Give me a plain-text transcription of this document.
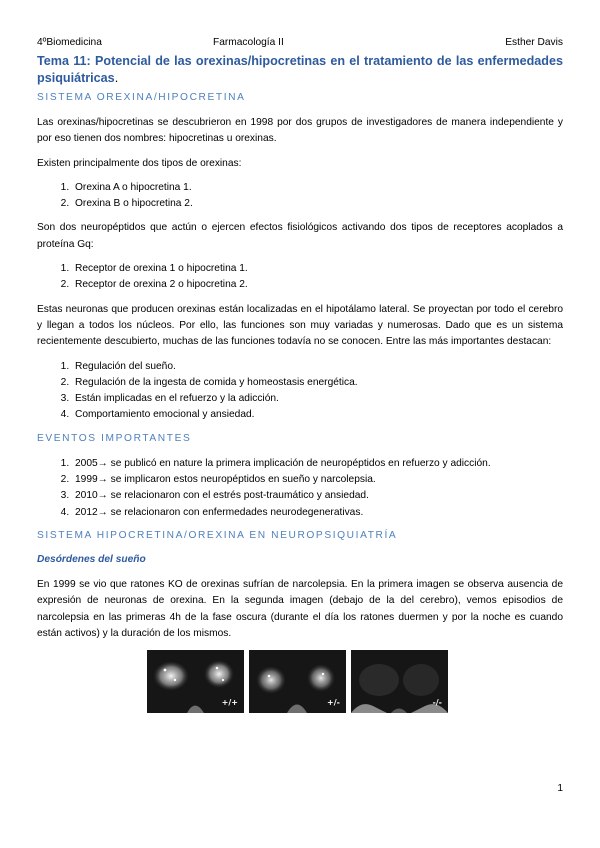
4ºBiomedicina	Farmacología II	Esther Davis
Tema 11: Potencial de las orexinas/hipocretinas en el tratamiento de las enfermedades psiquiátricas.
SISTEMA OREXINA/HIPOCRETINA

Las orexinas/hipocretinas se descubrieron en 1998 por dos grupos de investigadores de manera independiente y por eso tienen dos nombres: hipocretinas u orexinas.

Existen principalmente dos tipos de orexinas:

1. Orexina A o hipocretina 1.
2. Orexina B o hipocretina 2.

Son dos neuropéptidos que actún o ejercen efectos fisiológicos activando dos tipos de receptores acoplados a proteína Gq:

1. Receptor de orexina 1 o hipocretina 1.
2. Receptor de orexina 2 o hipocretina 2.

Estas neuronas que producen orexinas están localizadas en el hipotálamo lateral. Se proyectan por todo el cerebro y llegan a todos los núcleos. Por ello, las funciones son muy variadas y numerosas. Dado que es un sistema recientemente descubierto, muchas de las funciones todavía no se conocen. Entre las más importantes destacan:

1. Regulación del sueño.
2. Regulación de la ingesta de comida y homeostasis energética.
3. Están implicadas en el refuerzo y la adicción.
4. Comportamiento emocional y ansiedad.
EVENTOS IMPORTANTES
1. 2005→ se publicó en nature la primera implicación de neuropéptidos en refuerzo y adicción.
2. 1999→ se implicaron estos neuropéptidos en sueño y narcolepsia.
3. 2010→ se relacionaron con el estrés post-traumático y ansiedad.
4. 2012→ se relacionaron con enfermedades neurodegenerativas.
SISTEMA HIPOCRETINA/OREXINA EN NEUROPSIQUIATRÍA
Desórdenes del sueño

En 1999 se vio que ratones KO de orexinas sufrían de narcolepsia. En la primera imagen se observa ausencia de expresión de neuronas de orexina. En la segunda imagen (debajo de la del cerebro), vemos episodios de narcolepsia en las primeras 4h de la fase oscura (durante el día los ratones duermen y por la noche es cuando están activos) y la duración de los mismos.

+/+	+/-	-/-
1
